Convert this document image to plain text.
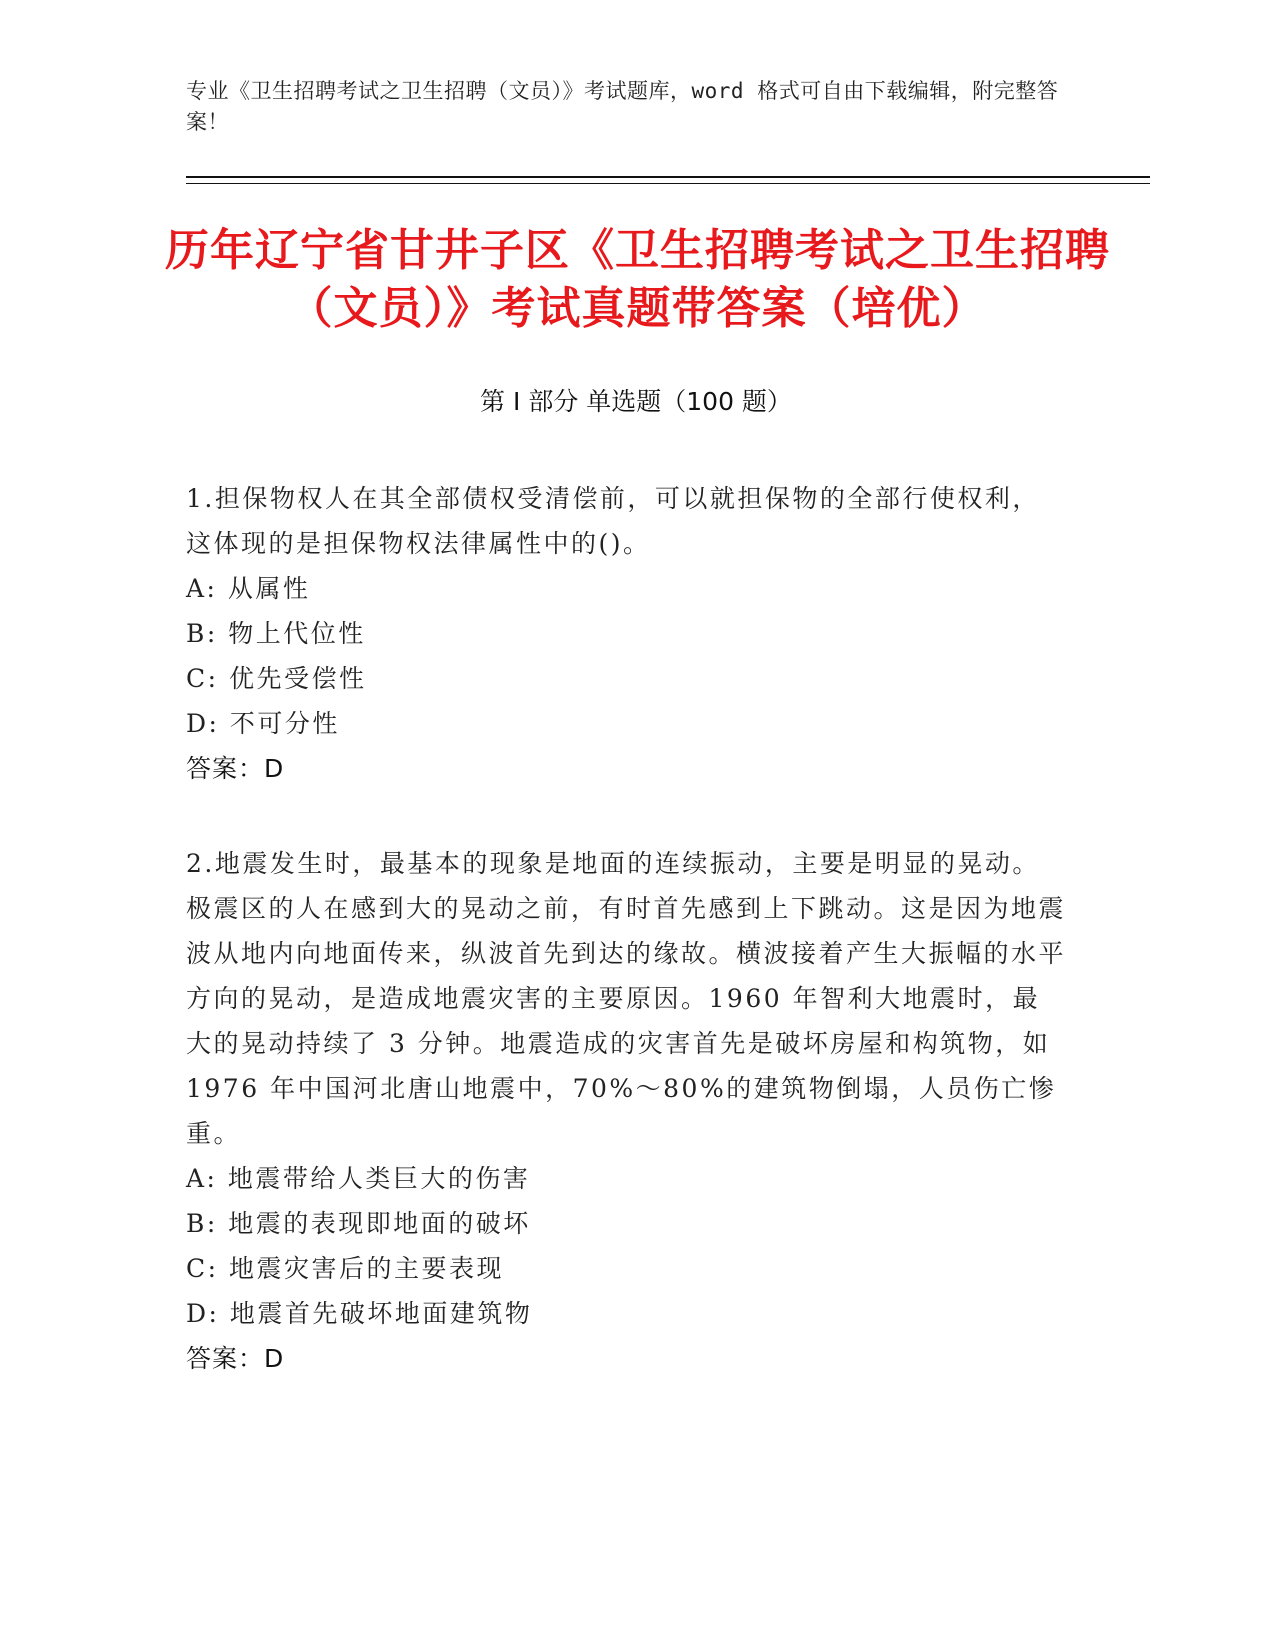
专业《卫生招聘考试之卫生招聘（文员）》考试题库，word 格式可自由下载编辑，附完整答案！
历年辽宁省甘井子区《卫生招聘考试之卫生招聘（文员）》考试真题带答案（培优）
第 I 部分 单选题（100 题）
1.担保物权人在其全部债权受清偿前，可以就担保物的全部行使权利，这体现的是担保物权法律属性中的()。
A: 从属性
B: 物上代位性
C: 优先受偿性
D: 不可分性
答案：D
2.地震发生时，最基本的现象是地面的连续振动，主要是明显的晃动。极震区的人在感到大的晃动之前，有时首先感到上下跳动。这是因为地震波从地内向地面传来，纵波首先到达的缘故。横波接着产生大振幅的水平方向的晃动，是造成地震灾害的主要原因。1960 年智利大地震时，最大的晃动持续了 3 分钟。地震造成的灾害首先是破坏房屋和构筑物，如 1976 年中国河北唐山地震中，70%～80%的建筑物倒塌，人员伤亡惨重。
A: 地震带给人类巨大的伤害
B: 地震的表现即地面的破坏
C: 地震灾害后的主要表现
D: 地震首先破坏地面建筑物
答案：D
